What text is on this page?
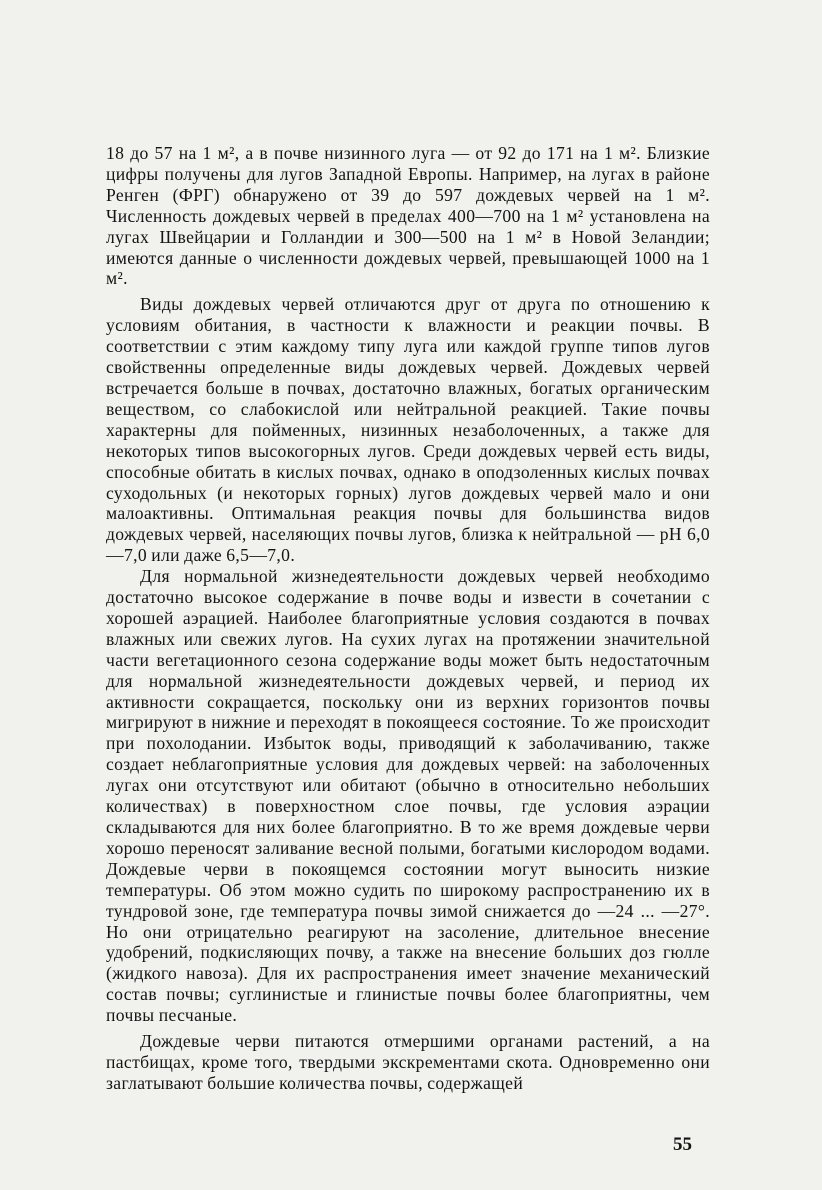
18 до 57 на 1 м², а в почве низинного луга — от 92 до 171 на 1 м². Близкие цифры получены для лугов Западной Европы. Например, на лугах в районе Ренген (ФРГ) обнаружено от 39 до 597 дождевых червей на 1 м². Численность дождевых червей в пределах 400—700 на 1 м² установлена на лугах Швейцарии и Голландии и 300—500 на 1 м² в Новой Зеландии; имеются данные о численности дождевых червей, превышающей 1000 на 1 м².

Виды дождевых червей отличаются друг от друга по отношению к условиям обитания, в частности к влажности и реакции почвы. В соответствии с этим каждому типу луга или каждой группе типов лугов свойственны определенные виды дождевых червей. Дождевых червей встречается больше в почвах, достаточно влажных, богатых органическим веществом, со слабокислой или нейтральной реакцией. Такие почвы характерны для пойменных, низинных незаболоченных, а также для некоторых типов высокогорных лугов. Среди дождевых червей есть виды, способные обитать в кислых почвах, однако в оподзоленных кислых почвах суходольных (и некоторых горных) лугов дождевых червей мало и они малоактивны. Оптимальная реакция почвы для большинства видов дождевых червей, населяющих почвы лугов, близка к нейтральной — pH 6,0—7,0 или даже 6,5—7,0.

Для нормальной жизнедеятельности дождевых червей необходимо достаточно высокое содержание в почве воды и извести в сочетании с хорошей аэрацией. Наиболее благоприятные условия создаются в почвах влажных или свежих лугов. На сухих лугах на протяжении значительной части вегетационного сезона содержание воды может быть недостаточным для нормальной жизнедеятельности дождевых червей, и период их активности сокращается, поскольку они из верхних горизонтов почвы мигрируют в нижние и переходят в покоящееся состояние. То же происходит при похолодании. Избыток воды, приводящий к заболачиванию, также создает неблагоприятные условия для дождевых червей: на заболоченных лугах они отсутствуют или обитают (обычно в относительно небольших количествах) в поверхностном слое почвы, где условия аэрации складываются для них более благоприятно. В то же время дождевые черви хорошо переносят заливание весной полыми, богатыми кислородом водами. Дождевые черви в покоящемся состоянии могут выносить низкие температуры. Об этом можно судить по широкому распространению их в тундровой зоне, где температура почвы зимой снижается до —24 ... —27°. Но они отрицательно реагируют на засоление, длительное внесение удобрений, подкисляющих почву, а также на внесение больших доз гюлле (жидкого навоза). Для их распространения имеет значение механический состав почвы; суглинистые и глинистые почвы более благоприятны, чем почвы песчаные.

Дождевые черви питаются отмершими органами растений, а на пастбищах, кроме того, твердыми экскрементами скота. Одновременно они заглатывают большие количества почвы, содержащей

55
